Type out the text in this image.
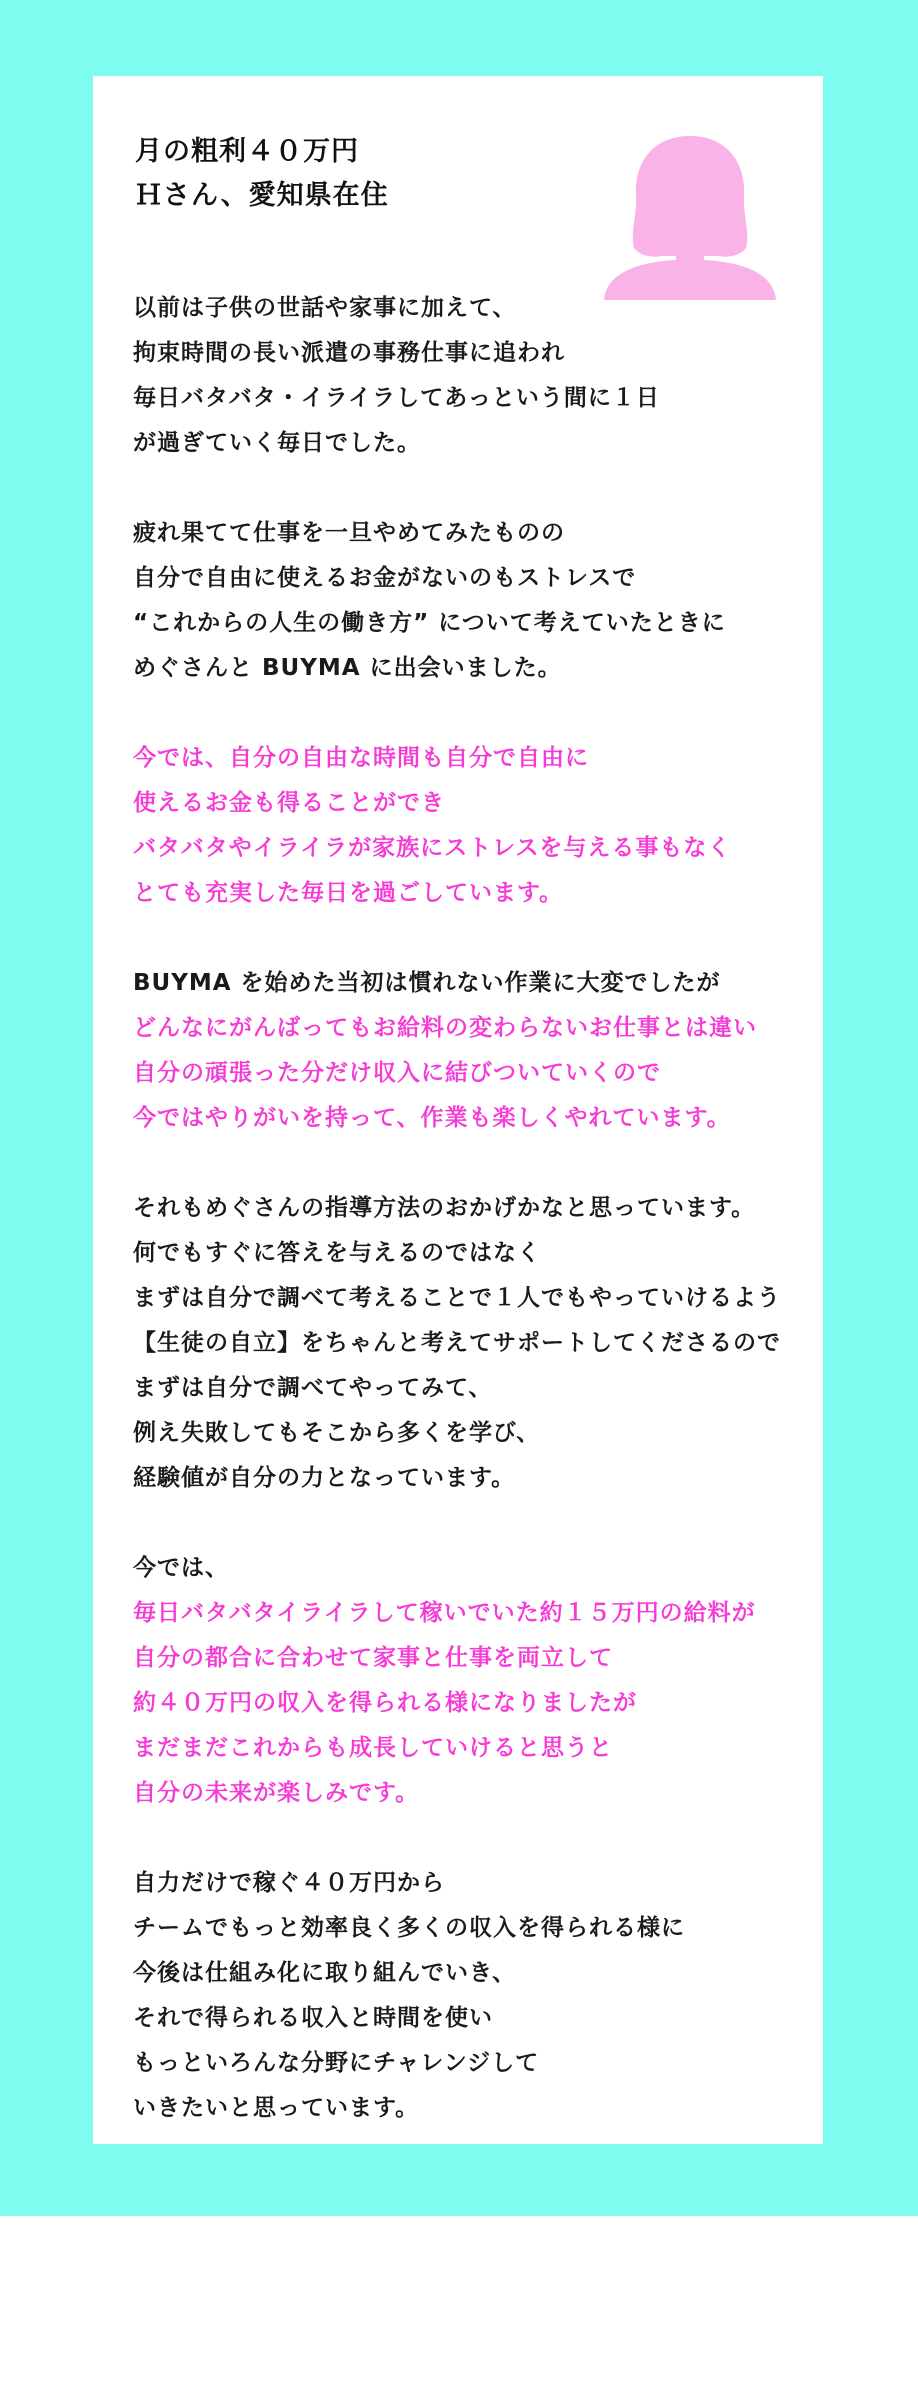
月の粗利４０万円
Ｈさん、愛知県在住
以前は子供の世話や家事に加えて、
拘束時間の長い派遣の事務仕事に追われ
毎日バタバタ・イライラしてあっという間に１日
が過ぎていく毎日でした。
疲れ果てて仕事を一旦やめてみたものの
自分で自由に使えるお金がないのもストレスで
“これからの人生の働き方” について考えていたときに
めぐさんと BUYMA に出会いました。
今では、自分の自由な時間も自分で自由に
使えるお金も得ることができ
バタバタやイライラが家族にストレスを与える事もなく
とても充実した毎日を過ごしています。
BUYMA を始めた当初は慣れない作業に大変でしたが
どんなにがんばってもお給料の変わらないお仕事とは違い
自分の頑張った分だけ収入に結びついていくので
今ではやりがいを持って、作業も楽しくやれています。
それもめぐさんの指導方法のおかげかなと思っています。
何でもすぐに答えを与えるのではなく
まずは自分で調べて考えることで１人でもやっていけるよう
【生徒の自立】をちゃんと考えてサポートしてくださるので
まずは自分で調べてやってみて、
例え失敗してもそこから多くを学び、
経験値が自分の力となっています。
今では、
毎日バタバタイライラして稼いでいた約１５万円の給料が
自分の都合に合わせて家事と仕事を両立して
約４０万円の収入を得られる様になりましたが
まだまだこれからも成長していけると思うと
自分の未来が楽しみです。
自力だけで稼ぐ４０万円から
チームでもっと効率良く多くの収入を得られる様に
今後は仕組み化に取り組んでいき、
それで得られる収入と時間を使い
もっといろんな分野にチャレンジして
いきたいと思っています。
